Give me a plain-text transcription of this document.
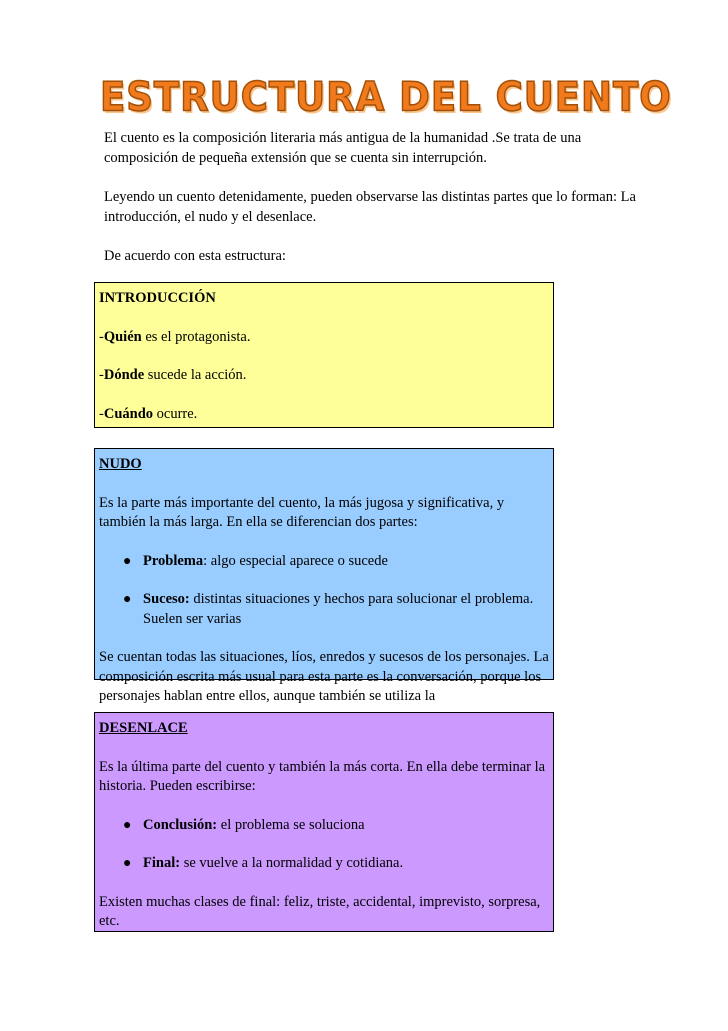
ESTRUCTURA DEL CUENTO

El cuento es la composición literaria más antigua de la humanidad .Se trata de una composición de pequeña extensión que se cuenta sin interrupción.

Leyendo un cuento detenidamente, pueden observarse las distintas partes que lo forman: La introducción, el nudo y el desenlace.

De acuerdo con esta estructura:

INTRODUCCIÓN

-Quién es el protagonista.

-Dónde sucede la acción.

-Cuándo ocurre.

NUDO

Es la parte más importante del cuento, la más jugosa y significativa, y también la más larga. En ella se diferencian dos partes:

● Problema: algo especial aparece o sucede
● Suceso: distintas situaciones y hechos para solucionar el problema. Suelen ser varias

Se cuentan todas las situaciones, líos, enredos y sucesos de los personajes. La composición escrita más usual para esta parte es la conversación, porque los personajes hablan entre ellos, aunque también se utiliza la

DESENLACE

Es la última parte del cuento y también la más corta. En ella debe terminar la historia. Pueden escribirse:

● Conclusión: el problema se soluciona
● Final: se vuelve a la normalidad y cotidiana.

Existen muchas clases de final: feliz, triste, accidental, imprevisto, sorpresa, etc.
